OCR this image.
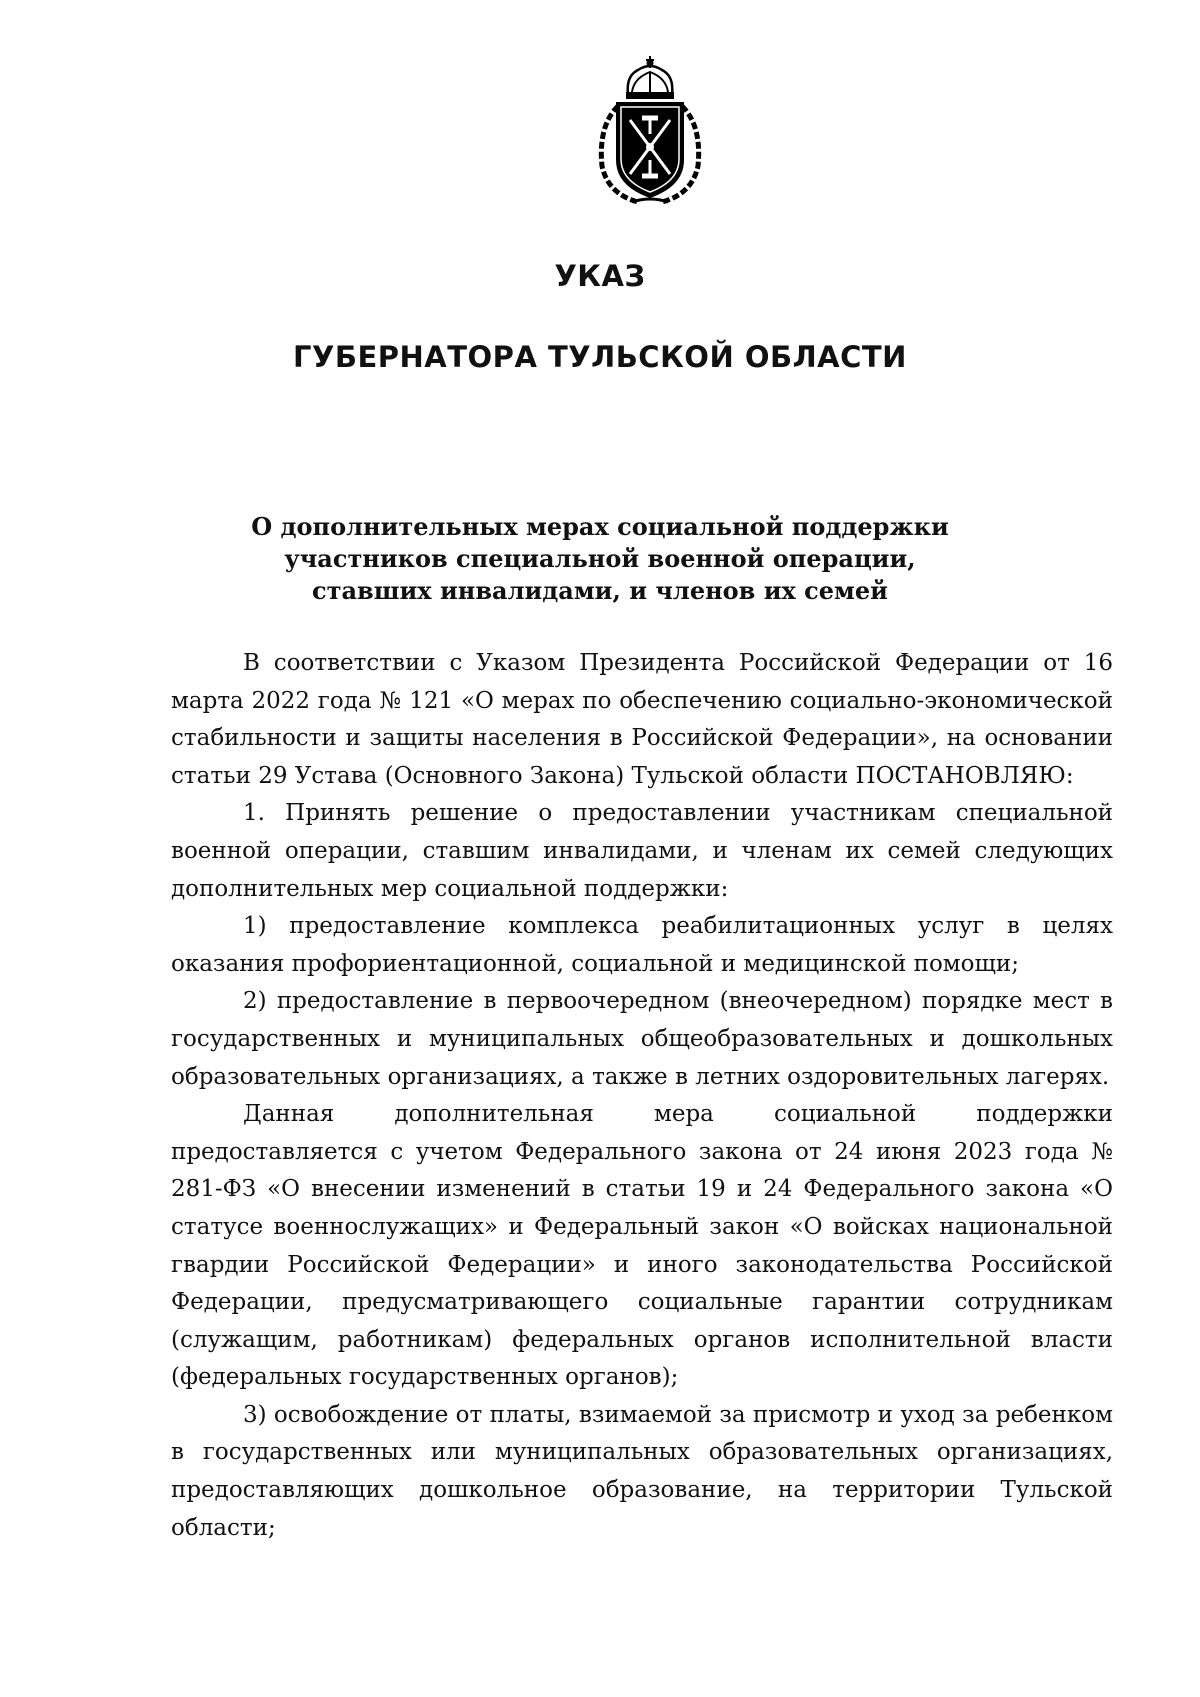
УКАЗ
ГУБЕРНАТОРА ТУЛЬСКОЙ ОБЛАСТИ
О дополнительных мерах социальной поддержки
участников специальной военной операции,
ставших инвалидами, и членов их семей

В соответствии с Указом Президента Российской Федерации от 16 марта 2022 года № 121 «О мерах по обеспечению социально-экономической стабильности и защиты населения в Российской Федерации», на основании статьи 29 Устава (Основного Закона) Тульской области ПОСТАНОВЛЯЮ:

1. Принять решение о предоставлении участникам специальной военной операции, ставшим инвалидами, и членам их семей следующих дополнительных мер социальной поддержки:

1) предоставление комплекса реабилитационных услуг в целях оказания профориентационной, социальной и медицинской помощи;

2) предоставление в первоочередном (внеочередном) порядке мест в государственных и муниципальных общеобразовательных и дошкольных образовательных организациях, а также в летних оздоровительных лагерях.

Данная дополнительная мера социальной поддержки предоставляется с учетом Федерального закона от 24 июня 2023 года № 281-ФЗ «О внесении изменений в статьи 19 и 24 Федерального закона «О статусе военнослужащих» и Федеральный закон «О войсках национальной гвардии Российской Федерации» и иного законодательства Российской Федерации, предусматривающего социальные гарантии сотрудникам (служащим, работникам) федеральных органов исполнительной власти (федеральных государственных органов);

3) освобождение от платы, взимаемой за присмотр и уход за ребенком в государственных или муниципальных образовательных организациях, предоставляющих дошкольное образование, на территории Тульской области;
